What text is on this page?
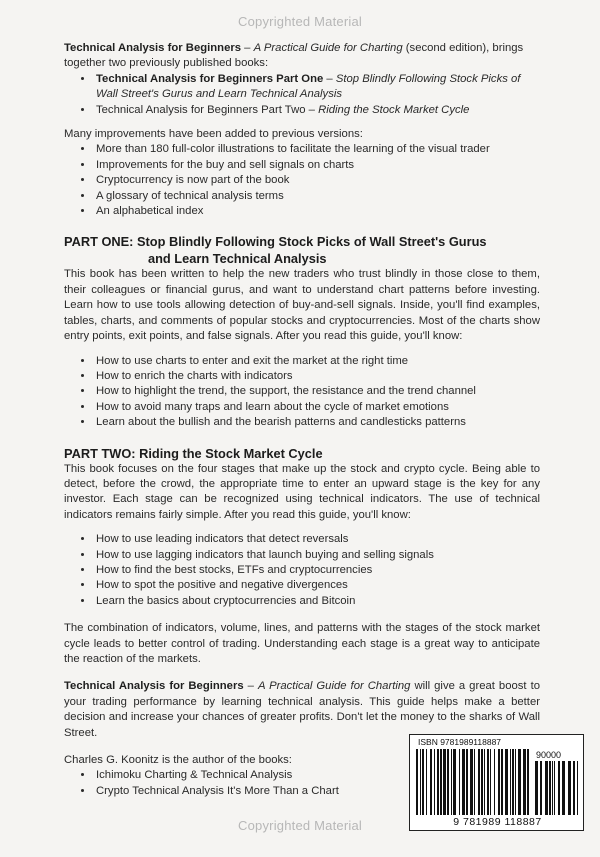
Copyrighted Material

Technical Analysis for Beginners – A Practical Guide for Charting (second edition), brings together two previously published books:

• Technical Analysis for Beginners Part One – Stop Blindly Following Stock Picks of Wall Street's Gurus and Learn Technical Analysis
• Technical Analysis for Beginners Part Two – Riding the Stock Market Cycle

Many improvements have been added to previous versions:

• More than 180 full-color illustrations to facilitate the learning of the visual trader
• Improvements for the buy and sell signals on charts
• Cryptocurrency is now part of the book
• A glossary of technical analysis terms
• An alphabetical index
PART ONE: Stop Blindly Following Stock Picks of Wall Street's Gurus
and Learn Technical Analysis

This book has been written to help the new traders who trust blindly in those close to them, their colleagues or financial gurus, and want to understand chart patterns before investing. Learn how to use tools allowing detection of buy-and-sell signals. Inside, you'll find examples, tables, charts, and comments of popular stocks and cryptocurrencies. Most of the charts show entry points, exit points, and false signals. After you read this guide, you'll know:

• How to use charts to enter and exit the market at the right time
• How to enrich the charts with indicators
• How to highlight the trend, the support, the resistance and the trend channel
• How to avoid many traps and learn about the cycle of market emotions
• Learn about the bullish and the bearish patterns and candlesticks patterns
PART TWO: Riding the Stock Market Cycle

This book focuses on the four stages that make up the stock and crypto cycle. Being able to detect, before the crowd, the appropriate time to enter an upward stage is the key for any investor. Each stage can be recognized using technical indicators. The use of technical indicators remains fairly simple. After you read this guide, you'll know:

• How to use leading indicators that detect reversals
• How to use lagging indicators that launch buying and selling signals
• How to find the best stocks, ETFs and cryptocurrencies
• How to spot the positive and negative divergences
• Learn the basics about cryptocurrencies and Bitcoin

The combination of indicators, volume, lines, and patterns with the stages of the stock market cycle leads to better control of trading. Understanding each stage is a great way to anticipate the reaction of the markets.

Technical Analysis for Beginners – A Practical Guide for Charting will give a great boost to your trading performance by learning technical analysis. This guide helps make a better decision and increase your chances of greater profits. Don't let the money to the sharks of Wall Street.

Charles G. Koonitz is the author of the books:

• Ichimoku Charting & Technical Analysis
• Crypto Technical Analysis It's More Than a Chart
ISBN 9781989118887
90000
9 781989 118887
Copyrighted Material
